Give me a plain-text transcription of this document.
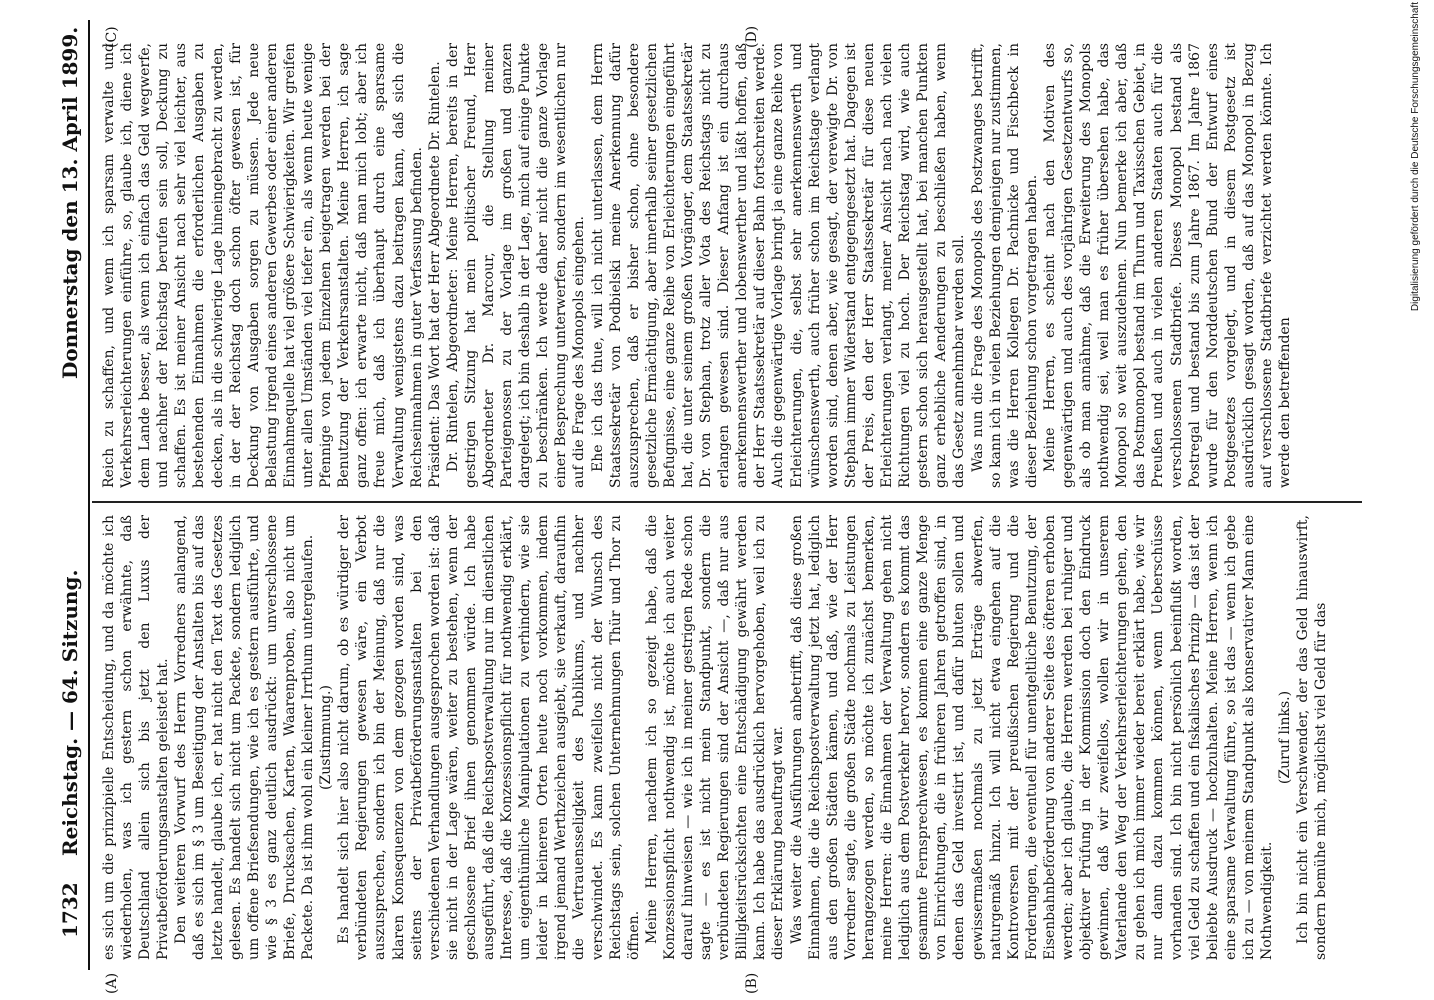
1732
Reichstag. — 64. Sitzung.
Donnerstag den 13. April 1899.
(A)	(B)
(C)	(D)

es sich um die prinzipielle Entscheidung, und da möchte ich wiederholen, was ich gestern schon erwähnte, daß Deutschland allein sich bis jetzt den Luxus der Privatbeförderungsanstalten geleistet hat. Den weiteren Vorwurf des Herrn Vorredners anlangend, daß es sich im § 3 um Beseitigung der Anstalten bis auf das letzte handelt, glaube ich, er hat nicht den Text des Gesetzes gelesen. Es handelt sich nicht um Packete, sondern lediglich um offene Briefsendungen, wie ich es gestern ausführte, und wie § 3 es ganz deutlich ausdrückt: um unverschlossene Briefe, Drucksachen, Karten, Waarenproben, also nicht um Packete. Da ist ihm wohl ein kleiner Irrthum untergelaufen. (Zustimmung.) Es handelt sich hier also nicht darum, ob es würdiger der verbündeten Regierungen gewesen wäre, ein Verbot auszusprechen, sondern ich bin der Meinung, daß nur die klaren Konsequenzen von dem gezogen worden sind, was seitens der Privatbeförderungsanstalten bei den verschiedenen Verhandlungen ausgesprochen worden ist: daß sie nicht in der Lage wären, weiter zu bestehen, wenn der geschlossene Brief ihnen genommen würde. Ich habe ausgeführt, daß die Reichspostverwaltung nur im dienstlichen Interesse, daß die Konzessionspflicht für nothwendig erklärt, um eigenthümliche Manipulationen zu verhindern, wie sie leider in kleineren Orten heute noch vorkommen, indem irgend jemand Werthzeichen ausgiebt, sie verkauft, daraufhin die Vertrauensseligkeit des Publikums, und nachher verschwindet. Es kann zweifellos nicht der Wunsch des Reichstags sein, solchen Unternehmungen Thür und Thor zu öffnen. Meine Herren, nachdem ich so gezeigt habe, daß die Konzessionspflicht nothwendig ist, möchte ich auch weiter darauf hinweisen — wie ich in meiner gestrigen Rede schon sagte — es ist nicht mein Standpunkt, sondern die verbündeten Regierungen sind der Ansicht —, daß nur aus Billigkeitsrücksichten eine Entschädigung gewährt werden kann. Ich habe das ausdrücklich hervorgehoben, weil ich zu dieser Erklärung beauftragt war. Was weiter die Ausführungen anbetrifft, daß diese großen Einnahmen, die die Reichspostverwaltung jetzt hat, lediglich aus den großen Städten kämen, und daß, wie der Herr Vorredner sagte, die großen Städte nochmals zu Leistungen herangezogen werden, so möchte ich zunächst bemerken, meine Herren: die Einnahmen der Verwaltung gehen nicht lediglich aus dem Postverkehr hervor, sondern es kommt das gesammte Fernsprechwesen, es kommen eine ganze Menge von Einrichtungen, die in früheren Jahren getroffen sind, in denen das Geld investirt ist, und dafür bluten sollen und gewissermaßen nochmals zu jetzt Erträge abwerfen, naturgemäß hinzu. Ich will nicht etwa eingehen auf die Kontroversen mit der preußischen Regierung und die Forderungen, die eventuell für unentgeltliche Benutzung, der Eisenbahnbeförderung von anderer Seite des öfteren erhoben werden; aber ich glaube, die Herren werden bei ruhiger und objektiver Prüfung in der Kommission doch den Eindruck gewinnen, daß wir zweifellos, wollen wir in unserem Vaterlande den Weg der Verkehrserleichterungen gehen, den zu gehen ich mich immer wieder bereit erklärt habe, wie wir nur dann dazu kommen können, wenn Ueberschüsse vorhanden sind. Ich bin nicht persönlich beeinflußt worden, viel Geld zu schaffen und ein fiskalisches Prinzip — das ist der beliebte Ausdruck — hochzuhalten. Meine Herren, wenn ich eine sparsame Verwaltung führe, so ist das — wenn ich gebe ich zu — von meinem Standpunkt als konservativer Mann eine Nothwendigkeit.

(Zuruf links.) Ich bin nicht ein Verschwender, der das Geld hinauswirft, sondern bemühe mich, möglichst viel Geld für das

Reich zu schaffen, und wenn ich sparsam verwalte und Verkehrserleichterungen einführe, so, glaube ich, diene ich dem Lande besser, als wenn ich einfach das Geld wegwerfe, und nachher der Reichstag berufen sein soll, Deckung zu schaffen. Es ist meiner Ansicht nach sehr viel leichter, aus bestehenden Einnahmen die erforderlichen Ausgaben zu decken, als in die schwierige Lage hineingebracht zu werden, in der der Reichstag doch schon öfter gewesen ist, für Deckung von Ausgaben sorgen zu müssen. Jede neue Belastung irgend eines anderen Gewerbes oder einer anderen Einnahmequelle hat viel größere Schwierigkeiten. Wir greifen unter allen Umständen viel tiefer ein, als wenn heute wenige Pfennige von jedem Einzelnen beigetragen werden bei der Benutzung der Verkehrsanstalten. Meine Herren, ich sage ganz offen: ich erwarte nicht, daß man mich lobt; aber ich freue mich, daß ich überhaupt durch eine sparsame Verwaltung wenigstens dazu beitragen kann, daß sich die Reichseinnahmen in guter Verfassung befinden. Präsident: Das Wort hat der Herr Abgeordnete Dr. Rintelen. Dr. Rintelen, Abgeordneter: Meine Herren, bereits in der gestrigen Sitzung hat mein politischer Freund, Herr Abgeordneter Dr. Marcour, die Stellung meiner Parteigenossen zu der Vorlage im großen und ganzen dargelegt; ich bin deshalb in der Lage, mich auf einige Punkte zu beschränken. Ich werde daher nicht die ganze Vorlage einer Besprechung unterwerfen, sondern im wesentlichen nur auf die Frage des Monopols eingehen. Ehe ich das thue, will ich nicht unterlassen, dem Herrn Staatssekretär von Podbielski meine Anerkennung dafür auszusprechen, daß er bisher schon, ohne besondere gesetzliche Ermächtigung, aber innerhalb seiner gesetzlichen Befugnisse, eine ganze Reihe von Erleichterungen eingeführt hat, die unter seinem großen Vorgänger, dem Staatssekretär Dr. von Stephan, trotz aller Vota des Reichstags nicht zu erlangen gewesen sind. Dieser Anfang ist ein durchaus anerkennenswerther und lobenswerther und läßt hoffen, daß der Herr Staatssekretär auf dieser Bahn fortschreiten werde. Auch die gegenwärtige Vorlage bringt ja eine ganze Reihe von Erleichterungen, die, selbst sehr anerkennenswerth und wünschenswerth, auch früher schon im Reichstage verlangt worden sind, denen aber, wie gesagt, der verewigte Dr. von Stephan immer Widerstand entgegengesetzt hat. Dagegen ist der Preis, den der Herr Staatssekretär für diese neuen Erleichterungen verlangt, meiner Ansicht nach nach vielen Richtungen viel zu hoch. Der Reichstag wird, wie auch gestern schon sich herausgestellt hat, bei manchen Punkten ganz erhebliche Aenderungen zu beschließen haben, wenn das Gesetz annehmbar werden soll. Was nun die Frage des Monopols des Postzwanges betrifft, so kann ich in vielen Beziehungen demjenigen nur zustimmen, was die Herren Kollegen Dr. Pachnicke und Fischbeck in dieser Beziehung schon vorgetragen haben. Meine Herren, es scheint nach den Motiven des gegenwärtigen und auch des vorjährigen Gesetzentwurfs so, als ob man annähme, daß die Erweiterung des Monopols nothwendig sei, weil man es früher übersehen habe, das Monopol so weit auszudehnen. Nun bemerke ich aber, daß das Postmonopol bestand im Thurn und Taxisschen Gebiet, in Preußen und auch in vielen anderen Staaten auch für die verschlossenen Stadtbriefe. Dieses Monopol bestand als Postregal und bestand bis zum Jahre 1867. Im Jahre 1867 wurde für den Norddeutschen Bund der Entwurf eines Postgesetzes vorgelegt, und in diesem Postgesetz ist ausdrücklich gesagt worden, daß auf das Monopol in Bezug auf verschlossene Stadtbriefe verzichtet werden könnte. Ich werde den betreffenden

Digitalisierung gefördert durch die Deutsche Forschungsgemeinschaft
